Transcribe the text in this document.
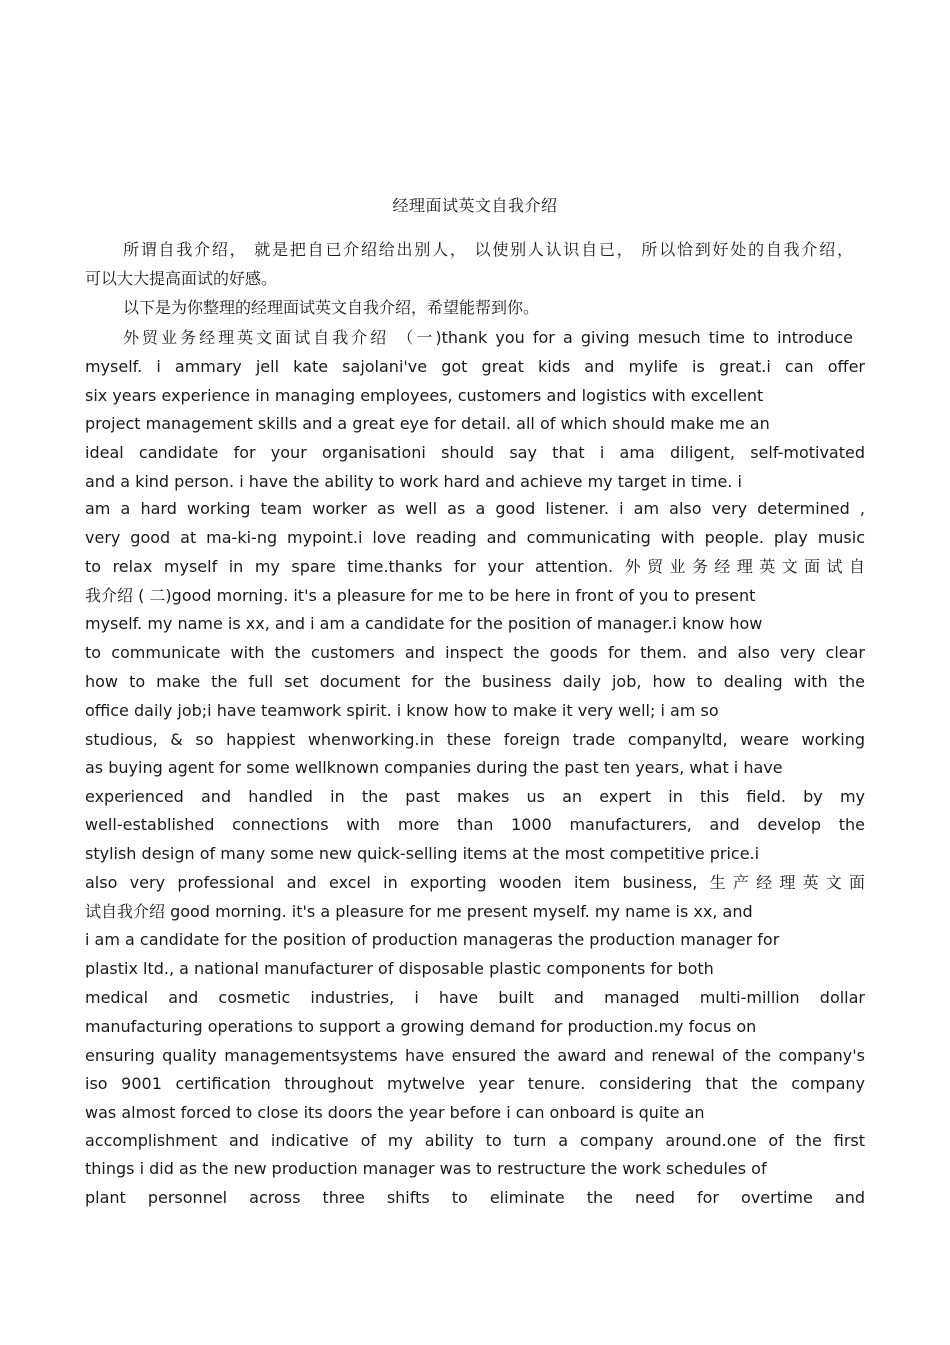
经理面试英文自我介绍
所谓自我介绍， 就是把自已介绍给出别人， 以使别人认识自已， 所以恰到好处的自我介绍，
可以大大提高面试的好感。
以下是为你整理的经理面试英文自我介绍，希望能帮到你。
外贸业务经理英文面试自我介绍 （一)thank you for a giving mesuch time to introduce
myself. i ammary jell kate sajolani've got great kids and mylife is great.i can offer
six years experience in managing employees, customers and logistics with excellent
project management skills and a great eye for detail. all of which should make me an
ideal candidate for your organisationi should say that i ama diligent, self-motivated
and a kind person. i have the ability to work hard and achieve my target in time. i
am a hard working team worker as well as a good listener. i am also very determined ,
very good at ma-ki-ng mypoint.i love reading and communicating with people. play music
to relax myself in my spare time.thanks for your attention. 外贸业务经理英文面试自
我介绍 ( 二)good morning. it's a pleasure for me to be here in front of you to present
myself. my name is xx, and i am a candidate for the position of manager.i know how
to communicate with the customers and inspect the goods for them. and also very clear
how to make the full set document for the business daily job, how to dealing with the
office daily job;i have teamwork spirit. i know how to make it very well; i am so
studious, & so happiest whenworking.in these foreign trade companyltd, weare working
as buying agent for some wellknown companies during the past ten years, what i have
experienced and handled in the past makes us an expert in this field. by my
well-established connections with more than 1000 manufacturers, and develop the
stylish design of many some new quick-selling items at the most competitive price.i
also very professional and excel in exporting wooden item business, 生产经理英文面
试自我介绍 good morning. it's a pleasure for me present myself. my name is xx, and
i am a candidate for the position of production manageras the production manager for
plastix ltd., a national manufacturer of disposable plastic components for both
medical and cosmetic industries, i have built and managed multi-million dollar
manufacturing operations to support a growing demand for production.my focus on
ensuring quality managementsystems have ensured the award and renewal of the company's
iso 9001 certification throughout mytwelve year tenure. considering that the company
was almost forced to close its doors the year before i can onboard is quite an
accomplishment and indicative of my ability to turn a company around.one of the first
things i did as the new production manager was to restructure the work schedules of
plant personnel across three shifts to eliminate the need for overtime and
